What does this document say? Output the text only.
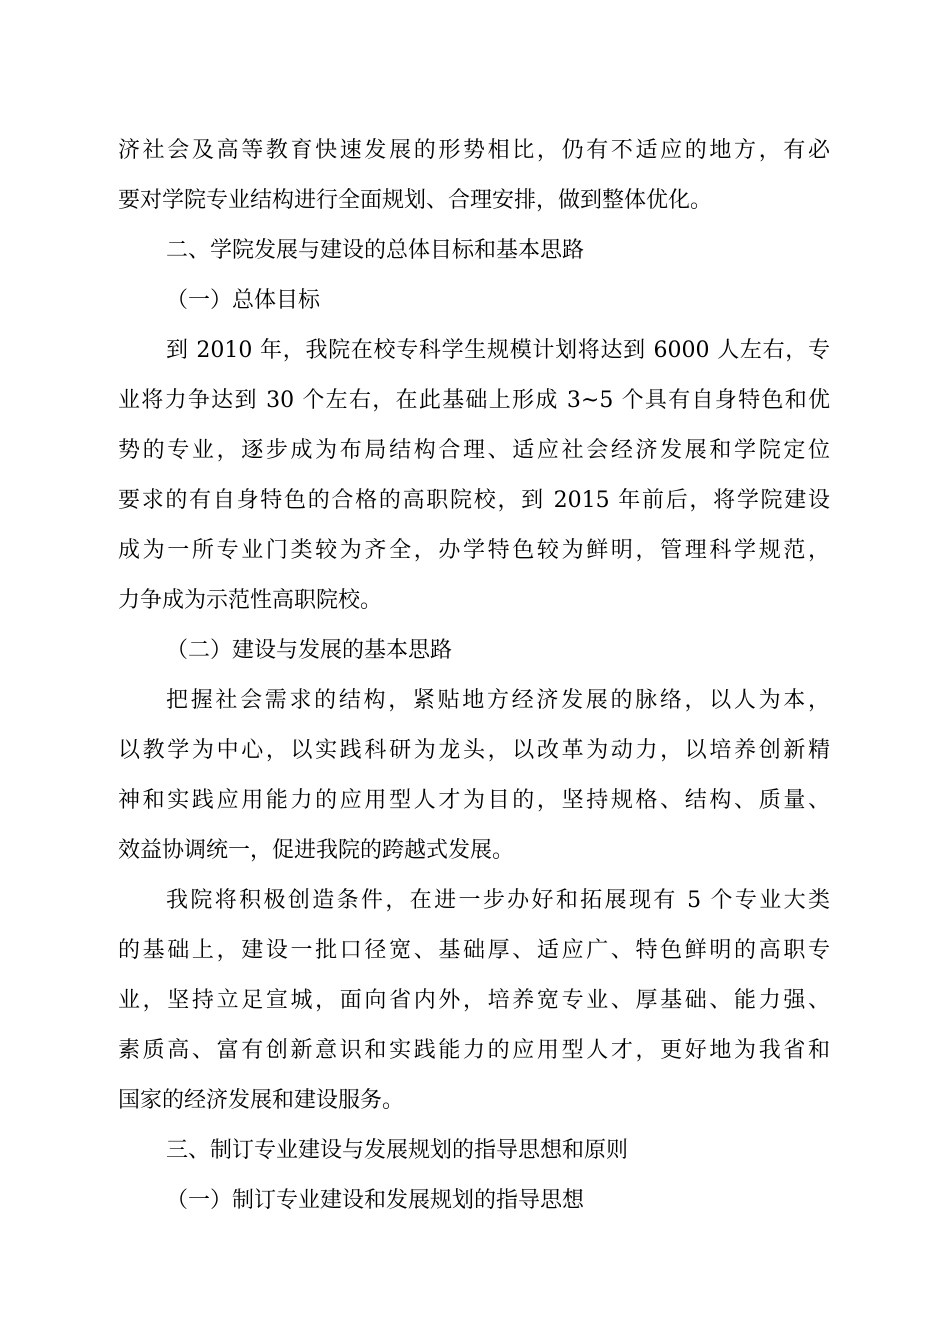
济社会及高等教育快速发展的形势相比，仍有不适应的地方，有必
要对学院专业结构进行全面规划、合理安排，做到整体优化。
二、学院发展与建设的总体目标和基本思路
（一）总体目标
到 2010 年，我院在校专科学生规模计划将达到 6000 人左右，专
业将力争达到 30 个左右，在此基础上形成 3~5 个具有自身特色和优
势的专业，逐步成为布局结构合理、适应社会经济发展和学院定位
要求的有自身特色的合格的高职院校，到 2015 年前后，将学院建设
成为一所专业门类较为齐全，办学特色较为鲜明，管理科学规范，
力争成为示范性高职院校。
（二）建设与发展的基本思路
把握社会需求的结构，紧贴地方经济发展的脉络，以人为本，
以教学为中心，以实践科研为龙头，以改革为动力，以培养创新精
神和实践应用能力的应用型人才为目的，坚持规格、结构、质量、
效益协调统一，促进我院的跨越式发展。
我院将积极创造条件，在进一步办好和拓展现有 5 个专业大类
的基础上，建设一批口径宽、基础厚、适应广、特色鲜明的高职专
业，坚持立足宣城，面向省内外，培养宽专业、厚基础、能力强、
素质高、富有创新意识和实践能力的应用型人才，更好地为我省和
国家的经济发展和建设服务。
三、制订专业建设与发展规划的指导思想和原则
（一）制订专业建设和发展规划的指导思想
